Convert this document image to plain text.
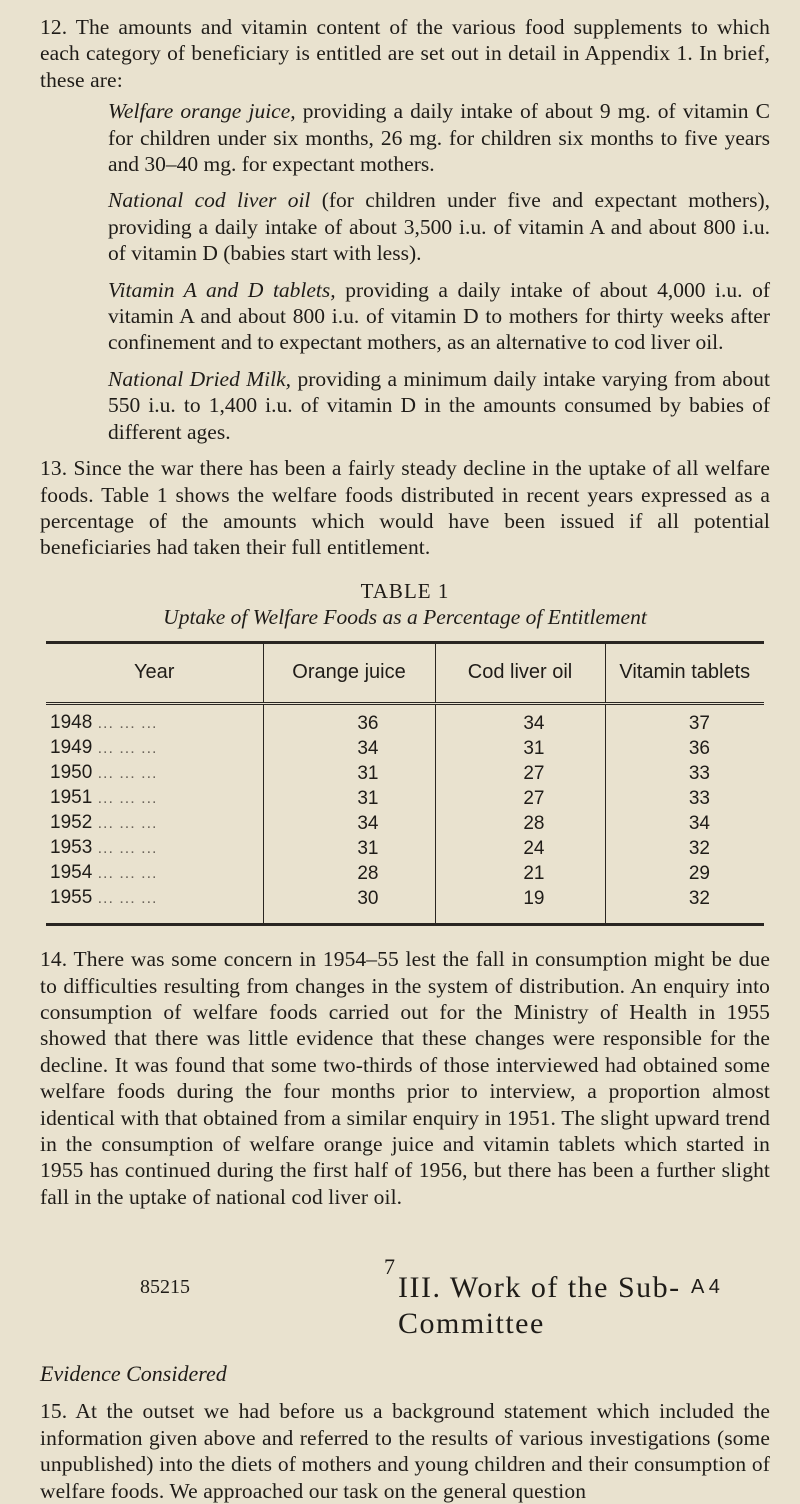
12. The amounts and vitamin content of the various food supplements to which each category of beneficiary is entitled are set out in detail in Appendix 1. In brief, these are:

Welfare orange juice, providing a daily intake of about 9 mg. of vitamin C for children under six months, 26 mg. for children six months to five years and 30–40 mg. for expectant mothers.

National cod liver oil (for children under five and expectant mothers), providing a daily intake of about 3,500 i.u. of vitamin A and about 800 i.u. of vitamin D (babies start with less).

Vitamin A and D tablets, providing a daily intake of about 4,000 i.u. of vitamin A and about 800 i.u. of vitamin D to mothers for thirty weeks after confinement and to expectant mothers, as an alternative to cod liver oil.

National Dried Milk, providing a minimum daily intake varying from about 550 i.u. to 1,400 i.u. of vitamin D in the amounts consumed by babies of different ages.

13. Since the war there has been a fairly steady decline in the uptake of all welfare foods. Table 1 shows the welfare foods distributed in recent years expressed as a percentage of the amounts which would have been issued if all potential beneficiaries had taken their full entitlement.

TABLE 1
Uptake of Welfare Foods as a Percentage of Entitlement
Year	Orange juice	Cod liver oil	Vitamin tablets
1948 ... ... ...	36	34	37
1949 ... ... ...	34	31	36
1950 ... ... ...	31	27	33
1951 ... ... ...	31	27	33
1952 ... ... ...	34	28	34
1953 ... ... ...	31	24	32
1954 ... ... ...	28	21	29
1955 ... ... ...	30	19	32

14. There was some concern in 1954–55 lest the fall in consumption might be due to difficulties resulting from changes in the system of distribution. An enquiry into consumption of welfare foods carried out for the Ministry of Health in 1955 showed that there was little evidence that these changes were responsible for the decline. It was found that some two-thirds of those interviewed had obtained some welfare foods during the four months prior to interview, a proportion almost identical with that obtained from a similar enquiry in 1951. The slight upward trend in the consumption of welfare orange juice and vitamin tablets which started in 1955 has continued during the first half of 1956, but there has been a further slight fall in the uptake of national cod liver oil.

III. Work of the Sub-Committee
Evidence Considered

15. At the outset we had before us a background statement which included the information given above and referred to the results of various investigations (some unpublished) into the diets of mothers and young children and their consumption of welfare foods. We approached our task on the general question

7
85215	A 4
